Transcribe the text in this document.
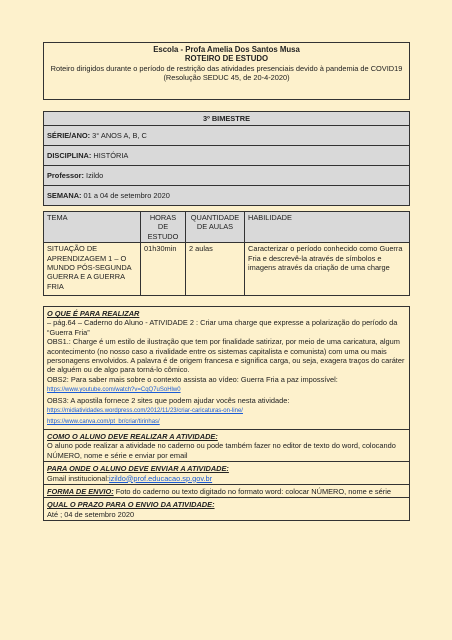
Escola - Profa Amelia Dos Santos Musa
ROTEIRO DE ESTUDO
Roteiro dirigidos durante o período de restrição das atividades presenciais devido à pandemia de COVID19
(Resolução SEDUC 45, de 20-4-2020)
3º BIMESTRE
SÉRIE/ANO: 3° ANOS A, B, C
DISCIPLINA: HISTÓRIA
Professor: Izildo
SEMANA: 01 a 04 de setembro 2020
TEMA	HORAS DE ESTUDO	QUANTIDADE DE AULAS	HABILIDADE
SITUAÇÃO DE APRENDIZAGEM 1 – O MUNDO PÓS-SEGUNDA GUERRA E A GUERRA FRIA	01h30min	2 aulas	Caracterizar o período conhecido como Guerra Fria e descrevê-la através de símbolos e imagens através da criação de uma charge
O QUE É PARA REALIZAR
– pág.64 – Caderno do Aluno - ATIVIDADE 2 : Criar uma charge que expresse a polarização do período da “Guerra Fria”
OBS1.: Charge é um estilo de ilustração que tem por finalidade satirizar, por meio de uma caricatura, algum acontecimento (no nosso caso a rivalidade entre os sistemas capitalista e comunista) com uma ou mais personagens envolvidos. A palavra é de origem francesa e significa carga, ou seja, exagera traços do caráter de alguém ou de algo para torná-lo cômico.
OBS2: Para saber mais sobre o contexto assista ao vídeo: Guerra Fria a paz impossível:
https://www.youtube.com/watch?v=CqQ7uSoHlw0
OBS3: A apostila fornece 2 sites que podem ajudar vocês nesta atividade:
https://midiatividades.wordpress.com/2012/11/23/criar-caricaturas-on-line/
https://www.canva.com/pt_br/criar/tirinhas/

COMO O ALUNO DEVE REALIZAR A ATIVIDADE:
O aluno pode realizar a atividade no caderno ou pode também fazer no editor de texto do word, colocando NÚMERO, nome e série e enviar por email

PARA ONDE O ALUNO DEVE ENVIAR A ATIVIDADE:
Gmail institucional:izildo@prof.educacao.sp.gov.br

FORMA DE ENVIO: Foto do caderno ou texto digitado no formato word: colocar NÚMERO, nome e série

QUAL O PRAZO PARA O ENVIO DA ATIVIDADE:
Até ; 04 de setembro 2020
